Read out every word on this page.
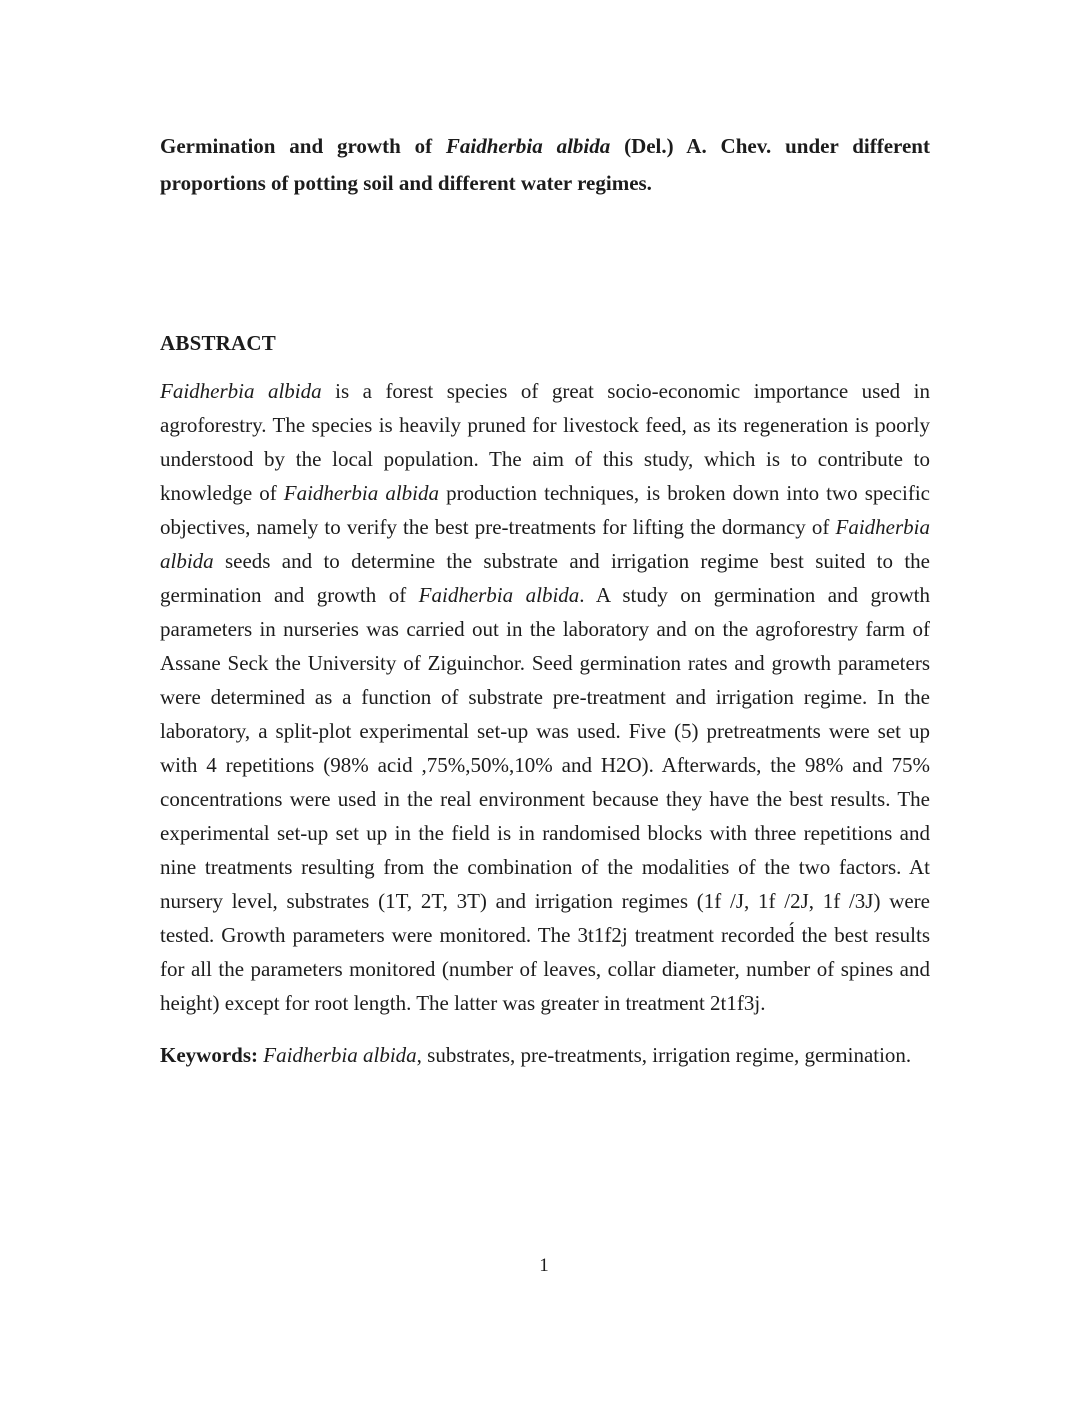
Germination and growth of Faidherbia albida (Del.) A. Chev. under different proportions of potting soil and different water regimes.
ABSTRACT
Faidherbia albida is a forest species of great socio-economic importance used in agroforestry. The species is heavily pruned for livestock feed, as its regeneration is poorly understood by the local population. The aim of this study, which is to contribute to knowledge of Faidherbia albida production techniques, is broken down into two specific objectives, namely to verify the best pre-treatments for lifting the dormancy of Faidherbia albida seeds and to determine the substrate and irrigation regime best suited to the germination and growth of Faidherbia albida. A study on germination and growth parameters in nurseries was carried out in the laboratory and on the agroforestry farm of Assane Seck the University of Ziguinchor. Seed germination rates and growth parameters were determined as a function of substrate pre-treatment and irrigation regime. In the laboratory, a split-plot experimental set-up was used. Five (5) pretreatments were set up with 4 repetitions (98% acid ,75%,50%,10% and H2O). Afterwards, the 98% and 75% concentrations were used in the real environment because they have the best results. The experimental set-up set up in the field is in randomised blocks with three repetitions and nine treatments resulting from the combination of the modalities of the two factors. At nursery level, substrates (1T, 2T, 3T) and irrigation regimes (1f /J, 1f /2J, 1f /3J) were tested. Growth parameters were monitored. The 3t1f2j treatment recorded́ the best results for all the parameters monitored (number of leaves, collar diameter, number of spines and height) except for root length. The latter was greater in treatment 2t1f3j.
Keywords: Faidherbia albida, substrates, pre-treatments, irrigation regime, germination.
1
